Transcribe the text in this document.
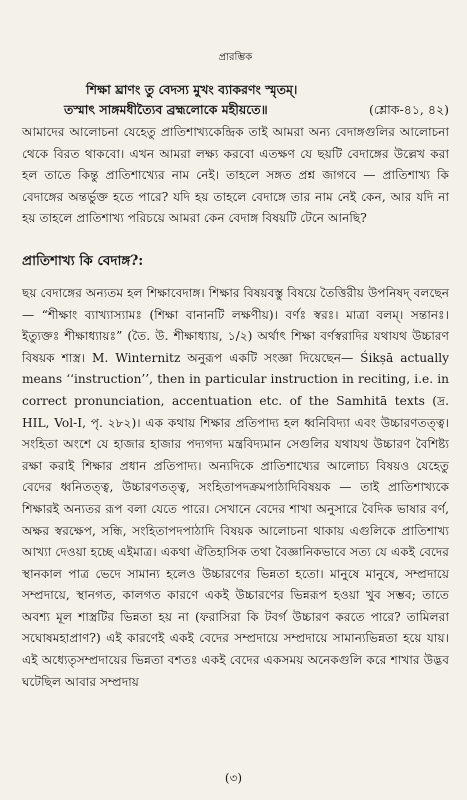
প্রারম্ভিক
শিক্ষা ঘ্রাণং তু বেদস্য মুখং ব্যাকরণং স্মৃতম্।
তস্মাৎ সাঙ্গমধীত্যৈব ব্রহ্মলোকে মহীয়তে॥	(শ্লোক-৪১, ৪২)

আমাদের আলোচনা যেহেতু প্রাতিশাখ্যকেন্দ্রিক তাই আমরা অন্য বেদাঙ্গগুলির আলোচনা থেকে বিরত থাকবো। এখন আমরা লক্ষ্য করবো এতক্ষণ যে ছয়টি বেদাঙ্গের উল্লেখ করা হল তাতে কিন্তু প্রাতিশাখ্যের নাম নেই। তাহলে সঙ্গত প্রশ্ন জাগবে — প্রাতিশাখ্য কি বেদাঙ্গের অন্তর্ভুক্ত হতে পারে? যদি হয় তাহলে বেদাঙ্গে তার নাম নেই কেন, আর যদি না হয় তাহলে প্রাতিশাখ্য পরিচয়ে আমরা কেন বেদাঙ্গ বিষয়টি টেনে আনছি?

প্রাতিশাখ্য কি বেদাঙ্গ?:

ছয় বেদাঙ্গের অন্যতম হল শিক্ষাবেদাঙ্গ। শিক্ষার বিষয়বস্তু বিষয়ে তৈত্তিরীয় উপনিষদ্ বলছেন— “শীক্ষাং ব্যাখ্যাস্যামঃ (শিক্ষা বানানটি লক্ষণীয়)। বর্ণঃ স্বরঃ। মাত্রা বলম্। সন্তানঃ। ইত্যুক্তঃ শীক্ষাধ্যায়ঃ” (তৈ. উ. শীক্ষাধ্যায়, ১/২) অর্থাৎ শিক্ষা বর্ণস্বরাদির যথাযথ উচ্চারণ বিষয়ক শাস্ত্র। M. Winternitz অনুরূপ একটি সংজ্ঞা দিয়েছেন— Śikṣā actually means ‘‘instruction’’, then in particular instruction in reciting, i.e. in correct pronunciation, accentuation etc. of the Samhitā texts (দ্র. HIL, Vol-I, পৃ. ২৮২)। এক কথায় শিক্ষার প্রতিপাদ্য হল ধ্বনিবিদ্যা এবং উচ্চারণতত্ত্ব। সংহিতা অংশে যে হাজার হাজার পদ্যগদ্য মন্ত্রবিদ্যমান সেগুলির যথাযথ উচ্চারণ বৈশিষ্ট্য রক্ষা করাই শিক্ষার প্রধান প্রতিপাদ্য। অন্যদিকে প্রাতিশাখ্যের আলোচ্য বিষয়ও যেহেতু বেদের ধ্বনিতত্ত্ব, উচ্চারণতত্ত্ব, সংহিতাপদক্রমপাঠাদিবিষয়ক — তাই প্রাতিশাখ্যকে শিক্ষারই অন্যতর রূপ বলা যেতে পারে। সেখানে বেদের শাখা অনুসারে বৈদিক ভাষার বর্ণ, অক্ষর স্বরক্ষেপ, সন্ধি, সংহিতাপদপাঠাদি বিষয়ক আলোচনা থাকায় এগুলিকে প্রাতিশাখ্য আখ্যা দেওয়া হচ্ছে এইমাত্র। একথা ঐতিহাসিক তথা বৈজ্ঞানিকভাবে সত্য যে একই বেদের স্থানকাল পাত্র ভেদে সামান্য হলেও উচ্চারণের ভিন্নতা হতো। মানুষে মানুষে, সম্প্রদায়ে সম্প্রদায়ে, স্থানগত, কালগত কারণে একই উচ্চারণের ভিন্নরূপ হওয়া খুব সম্ভব; তাতে অবশ্য মূল শাস্ত্রটির ভিন্নতা হয় না (ফরাসিরা কি টবর্গ উচ্চারণ করতে পারে? তামিলরা সঘোষমহাপ্রাণ?) এই কারণেই একই বেদের সম্প্রদায়ে সম্প্রদায়ে সামান্যভিন্নতা হয়ে যায়। এই অধ্যেতৃসম্প্রদায়ের ভিন্নতা বশতঃ একই বেদের একসময় অনেকগুলি করে শাখার উদ্ভব ঘটেছিল আবার সম্প্রদায়

(৩)
